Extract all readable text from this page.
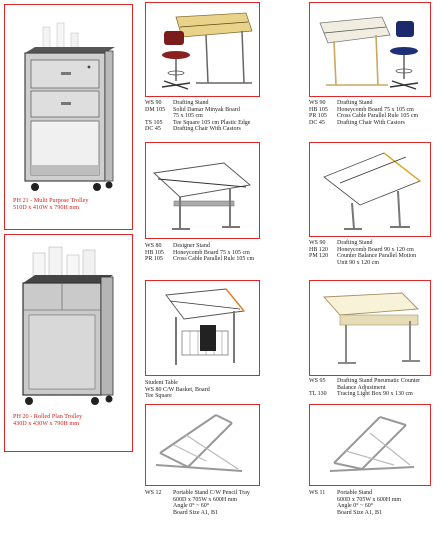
PH 21 - Multi Purpose Trolley
510D x 410W x 790H mm
PH 20 - Rolled Plan Trolley
430D x 430W x 790H mm
WS 90	Drafting Stand
DM 105	Solid Damar Minyak Board
	75 x 105 cm
TS 105	Tee Square 105 cm Plastic Edge
DC 45	Drafting Chair With Castors
WS 90	Drafting Stand
HB 105	Honeycomb Board 75 x 105 cm
PR 105	Cross Cable Parallel Rule 105 cm
DC 45	Drafting Chair With Castors
WS 80	Designer Stand
HB 105	Honeycomb Board 75 x 105 cm
PR 105	Cross Cable Parallel Rule 105 cm
WS 90	Drafting Stand
HB 120	Honeycomb Board 90 x 120 cm
PM 120	Counter Balance Parallel Motion
	Unit 90 x 120 cm
Student Table
WS 80 C/W Basket, Board
Tee Square
WS 95	Drafting Stand Pneumatic Counter
	Balance Adjustment
TL 130	Tracing Light Box 90 x 130 cm
WS 12	Portable Stand C/W Pencil Tray
	600D x 705W x 600H mm
	Angle 0° ~ 60°
	Board Size A1, B1
WS 11	Portable Stand
	600D x 705W x 600H mm
	Angle 0° ~ 60°
	Board Size A1, B1
